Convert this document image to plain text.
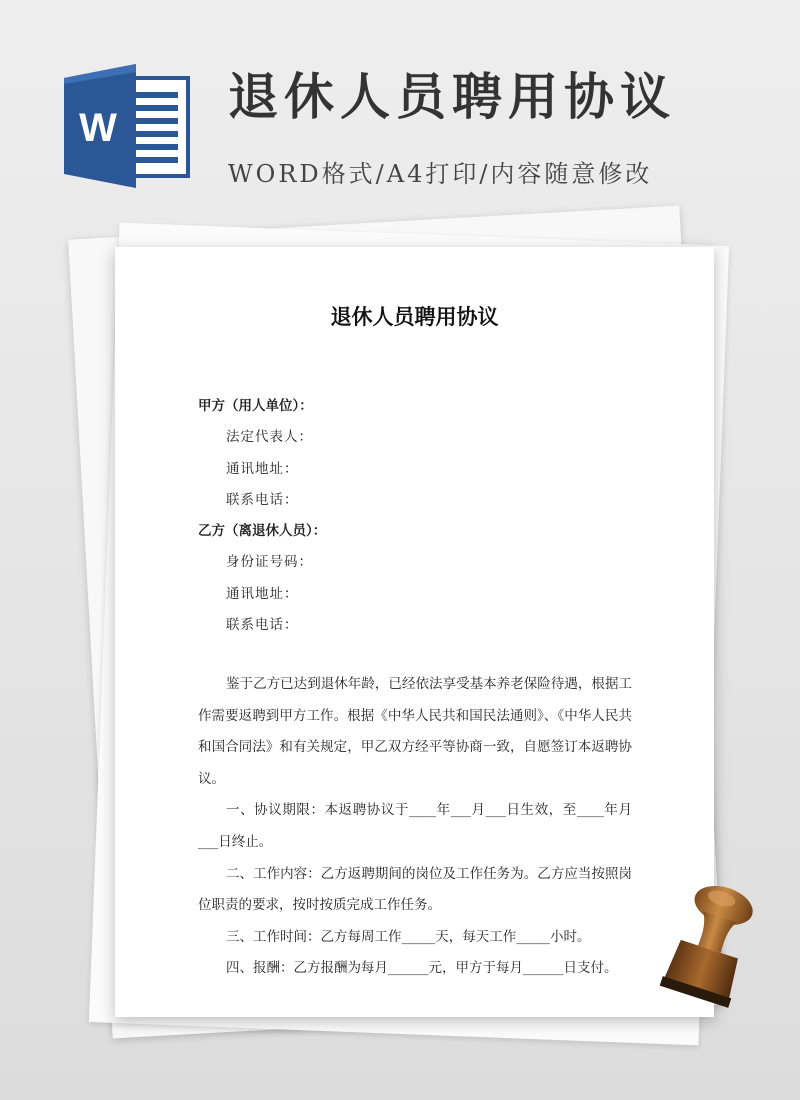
W
退休人员聘用协议
WORD格式/A4打印/内容随意修改
退休人员聘用协议
甲方（用人单位）：
法定代表人：
通讯地址：
联系电话：
乙方（离退休人员）：
身份证号码：
通讯地址：
联系电话：

鉴于乙方已达到退休年龄，已经依法享受基本养老保险待遇，根据工作需要返聘到甲方工作。根据《中华人民共和国民法通则》、《中华人民共和国合同法》和有关规定，甲乙双方经平等协商一致，自愿签订本返聘协议。

一、协议期限：本返聘协议于____年___月___日生效，至____年月___日终止。

二、工作内容：乙方返聘期间的岗位及工作任务为。乙方应当按照岗位职责的要求，按时按质完成工作任务。

三、工作时间：乙方每周工作_____天，每天工作_____小时。

四、报酬：乙方报酬为每月______元，甲方于每月______日支付。
